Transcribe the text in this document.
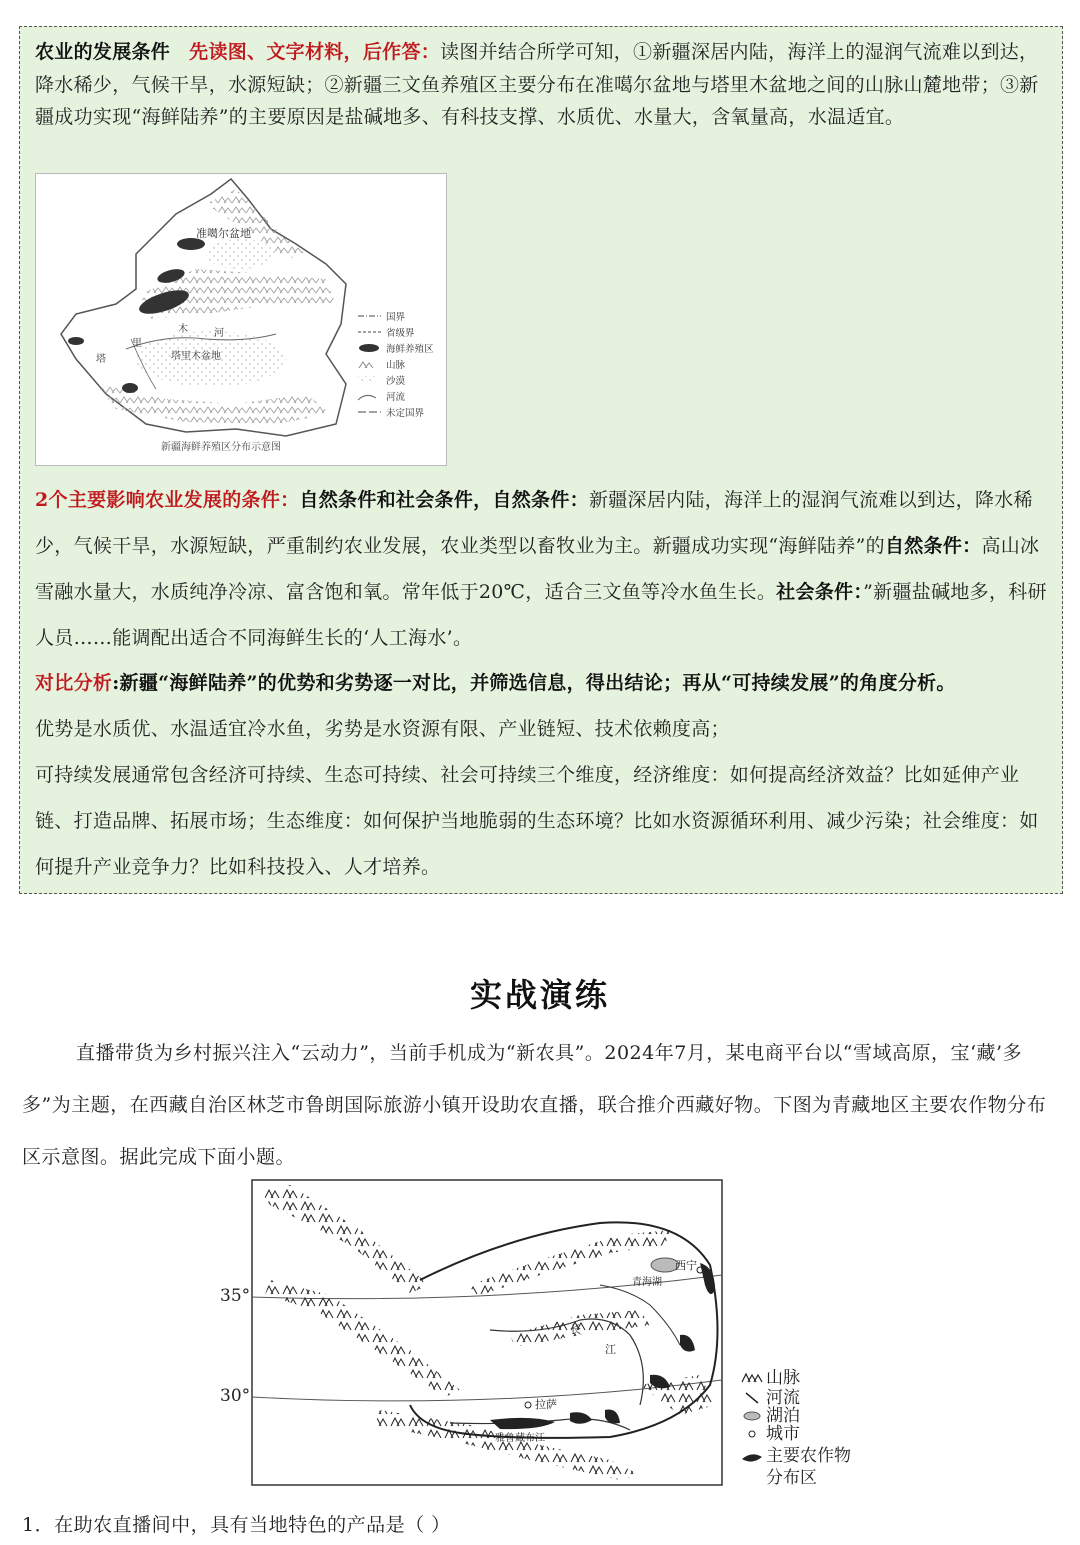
农业的发展条件 先读图、文字材料，后作答：读图并结合所学可知，①新疆深居内陆，海洋上的湿润气流难以到达，降水稀少，气候干旱，水源短缺；②新疆三文鱼养殖区主要分布在准噶尔盆地与塔里木盆地之间的山脉山麓地带；③新疆成功实现“海鲜陆养”的主要原因是盐碱地多、有科技支撑、水质优、水量大，含氧量高，水温适宜。
准噶尔盆地
塔里木盆地
木	河
塔
里
国界
省级界
海鲜养殖区
山脉
沙漠
河流
未定国界
新疆海鲜养殖区分布示意图
2个主要影响农业发展的条件：自然条件和社会条件，自然条件：新疆深居内陆，海洋上的湿润气流难以到达，降水稀少，气候干旱，水源短缺，严重制约农业发展，农业类型以畜牧业为主。新疆成功实现“海鲜陆养”的自然条件：高山冰雪融水量大，水质纯净冷凉、富含饱和氧。常年低于20℃，适合三文鱼等冷水鱼生长。社会条件：”新疆盐碱地多，科研人员……能调配出适合不同海鲜生长的‘人工海水’。
对比分析:新疆“海鲜陆养”的优势和劣势逐一对比，并筛选信息，得出结论；再从“可持续发展”的角度分析。
优势是水质优、水温适宜冷水鱼，劣势是水资源有限、产业链短、技术依赖度高；
可持续发展通常包含经济可持续、生态可持续、社会可持续三个维度，经济维度：如何提高经济效益？比如延伸产业链、打造品牌、拓展市场；生态维度：如何保护当地脆弱的生态环境？比如水资源循环利用、减少污染；社会维度：如何提升产业竞争力？比如科技投入、人才培养。
实战演练
直播带货为乡村振兴注入“云动力”，当前手机成为“新农具”。2024年7月，某电商平台以“雪域高原，宝‘藏’多多”为主题，在西藏自治区林芝市鲁朗国际旅游小镇开设助农直播，联合推介西藏好物。下图为青藏地区主要农作物分布区示意图。据此完成下面小题。
35°
30°	拉萨
西宁
青海湖
雅鲁藏布江
长
江
山脉
河流
湖泊
城市
主要农作物
分布区
1．在助农直播间中，具有当地特色的产品是（ ）
